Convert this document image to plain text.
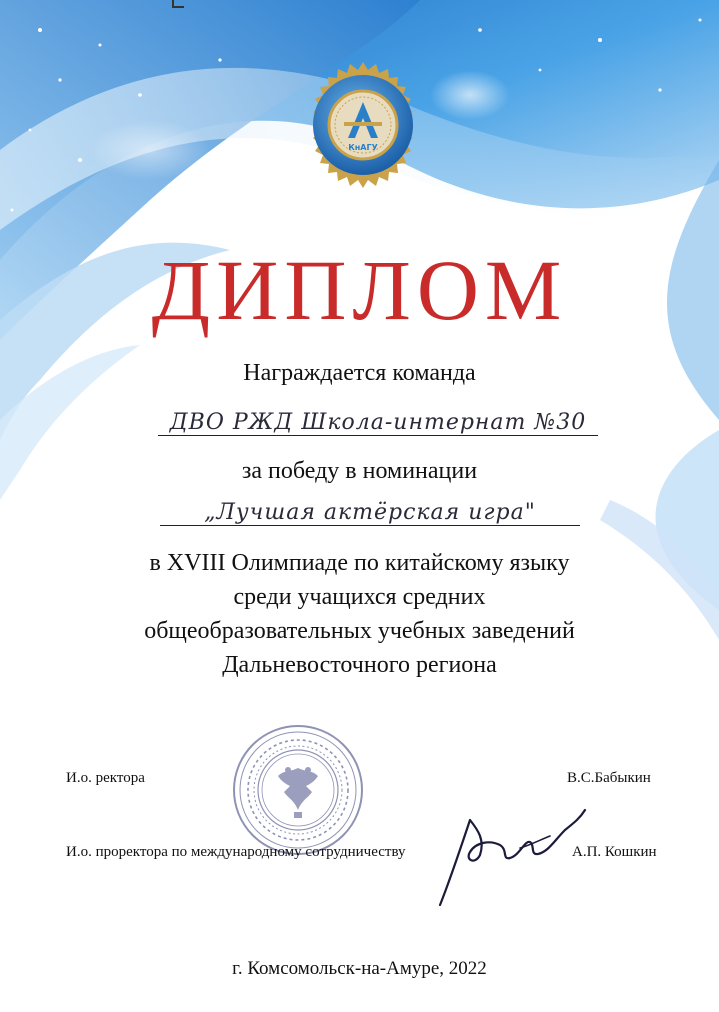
КнАГУ
ДИПЛОМ
Награждается команда
ДВО РЖД Школа-интернат №30
за победу в номинации
„Лучшая актёрская игра"
в XVIII Олимпиаде по китайскому языку
среди учащихся средних
общеобразовательных учебных заведений
Дальневосточного региона
И.о. ректора	В.С.Бабыкин
И.о. проректора по международному сотрудничеству	А.П. Кошкин
г. Комсомольск-на-Амуре, 2022
